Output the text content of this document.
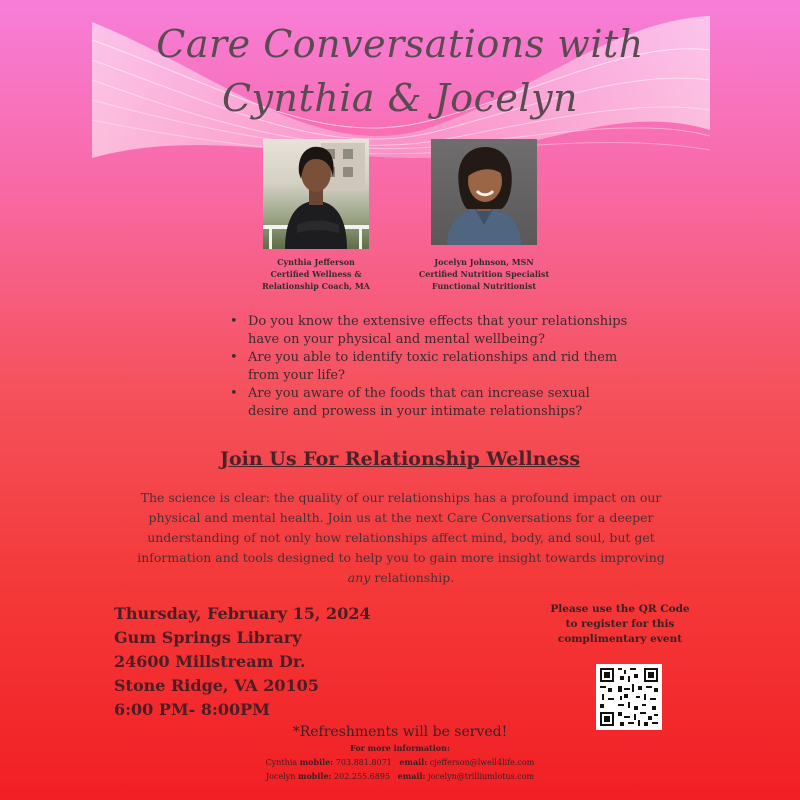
Care Conversations with

Cynthia & Jocelyn

Cynthia Jefferson
Certified Wellness &
Relationship Coach, MA
Jocelyn Johnson, MSN
Certified Nutrition Specialist
Functional Nutritionist
• Do you know the extensive effects that your relationships
have on your physical and mental wellbeing?
• Are you able to identify toxic relationships and rid them
from your life?
• Are you aware of the foods that can increase sexual
desire and prowess in your intimate relationships?

Join Us For Relationship Wellness

The science is clear: the quality of our relationships has a profound impact on our physical and mental health. Join us at the next Care Conversations for a deeper understanding of not only how relationships affect mind, body, and soul, but get information and tools designed to help you to gain more insight towards improving
any relationship.

Thursday, February 15, 2024
Gum Springs Library
24600 Millstream Dr.
Stone Ridge, VA 20105
6:00 PM- 8:00PM
Please use the QR Code
to register for this
complimentary event

*Refreshments will be served!

For more information:

Cynthia mobile: 703.881.8071 email: cjefferson@lwell4life.com

Jocelyn mobile: 202.255.6895 email: jocelyn@trilliumlotus.com
